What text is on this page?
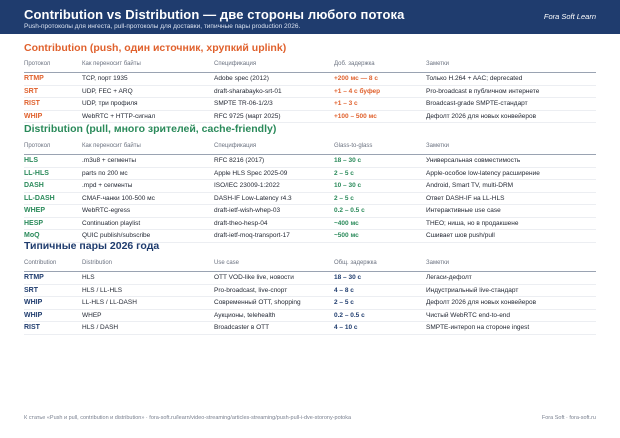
Contribution vs Distribution — две стороны любого потока
Push-протоколы для ингеста, pull-протоколы для доставки, типичные пары production 2026.
Fora Soft Learn
Contribution (push, один источник, хрупкий uplink)
Протокол	Как переносит байты	Спецификация	Доб. задержка	Заметки
RTMP	TCP, порт 1935	Adobe spec (2012)	+200 мс — 8 с	Только H.264 + AAC; deprecated
SRT	UDP, FEC + ARQ	draft-sharabayko-srt-01	+1 – 4 с буфер	Pro-broadcast в публичном интернете
RIST	UDP, три профиля	SMPTE TR-06-1/2/3	+1 – 3 с	Broadcast-grade SMPTE-стандарт
WHIP	WebRTC + HTTP-сигнал	RFC 9725 (март 2025)	+100 – 500 мс	Дефолт 2026 для новых конвейеров
Distribution (pull, много зрителей, cache-friendly)
Протокол	Как переносит байты	Спецификация	Glass-to-glass	Заметки
HLS	.m3u8 + сегменты	RFC 8216 (2017)	18 – 30 с	Универсальная совместимость
LL-HLS	parts по 200 мс	Apple HLS Spec 2025-09	2 – 5 с	Apple-особое low-latency расширение
DASH	.mpd + сегменты	ISO/IEC 23009-1:2022	10 – 30 с	Android, Smart TV, multi-DRM
LL-DASH	CMAF-чанки 100-500 мс	DASH-IF Low-Latency r4.3	2 – 5 с	Ответ DASH-IF на LL-HLS
WHEP	WebRTC-egress	draft-ietf-wish-whep-03	0.2 – 0.5 с	Интерактивные use case
HESP	Continuation playlist	draft-theo-hesp-04	~400 мс	THEO; ниша, но в продакшене
MoQ	QUIC publish/subscribe	draft-ietf-moq-transport-17	~500 мс	Сшивает шов push/pull
Типичные пары 2026 года
Contribution	Distribution	Use case	Общ. задержка	Заметки
RTMP	HLS	OTT VOD-like live, новости	18 – 30 с	Легаси-дефолт
SRT	HLS / LL-HLS	Pro-broadcast, live-спорт	4 – 8 с	Индустриальный live-стандарт
WHIP	LL-HLS / LL-DASH	Современный OTT, shopping	2 – 5 с	Дефолт 2026 для новых конвейеров
WHIP	WHEP	Аукционы, telehealth	0.2 – 0.5 с	Чистый WebRTC end-to-end
RIST	HLS / DASH	Broadcaster в OTT	4 – 10 с	SMPTE-интероп на стороне ingest
К статье «Push и pull, contribution и distribution» · fora-soft.ru/learn/video-streaming/articles-streaming/push-pull-i-dve-storony-potoka	Fora Soft · fora-soft.ru
